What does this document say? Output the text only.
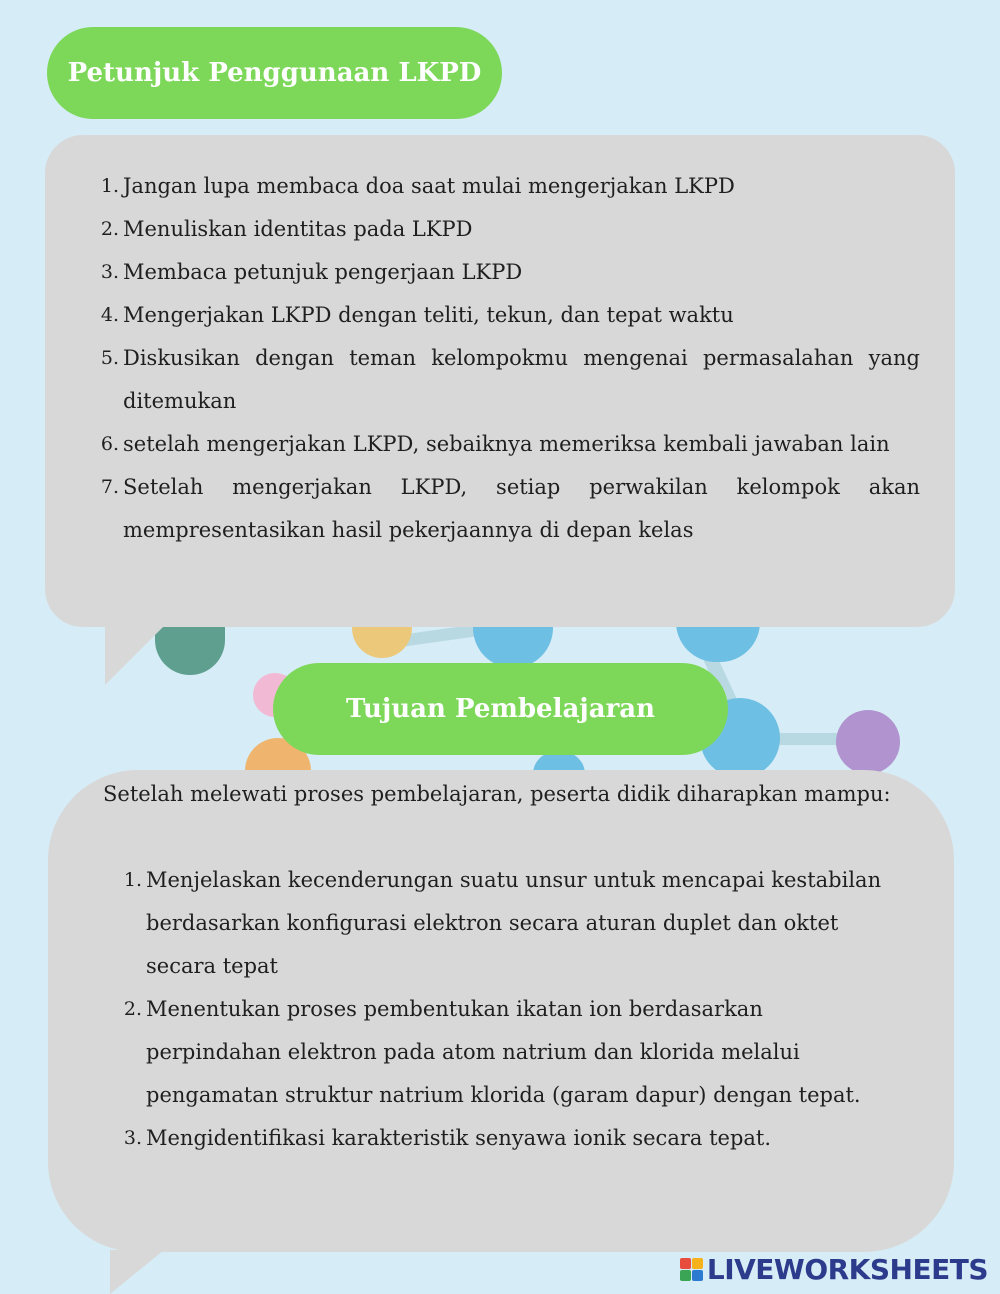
Petunjuk Penggunaan LKPD
1. Jangan lupa membaca doa saat mulai mengerjakan LKPD
2. Menuliskan identitas pada LKPD
3. Membaca petunjuk pengerjaan LKPD
4. Mengerjakan LKPD dengan teliti, tekun, dan tepat waktu
5. Diskusikan dengan teman kelompokmu mengenai permasalahan yang ditemukan
6. setelah mengerjakan LKPD, sebaiknya memeriksa kembali jawaban lain
7. Setelah mengerjakan LKPD, setiap perwakilan kelompok akan mempresentasikan hasil pekerjaannya di depan kelas
Tujuan Pembelajaran

Setelah melewati proses pembelajaran, peserta didik diharapkan mampu:

1. Menjelaskan kecenderungan suatu unsur untuk mencapai kestabilan berdasarkan konfigurasi elektron secara aturan duplet dan oktet secara tepat
2. Menentukan proses pembentukan ikatan ion berdasarkan perpindahan elektron pada atom natrium dan klorida melalui pengamatan struktur natrium klorida (garam dapur) dengan tepat.
3. Mengidentifikasi karakteristik senyawa ionik secara tepat.
LIVEWORKSHEETS
